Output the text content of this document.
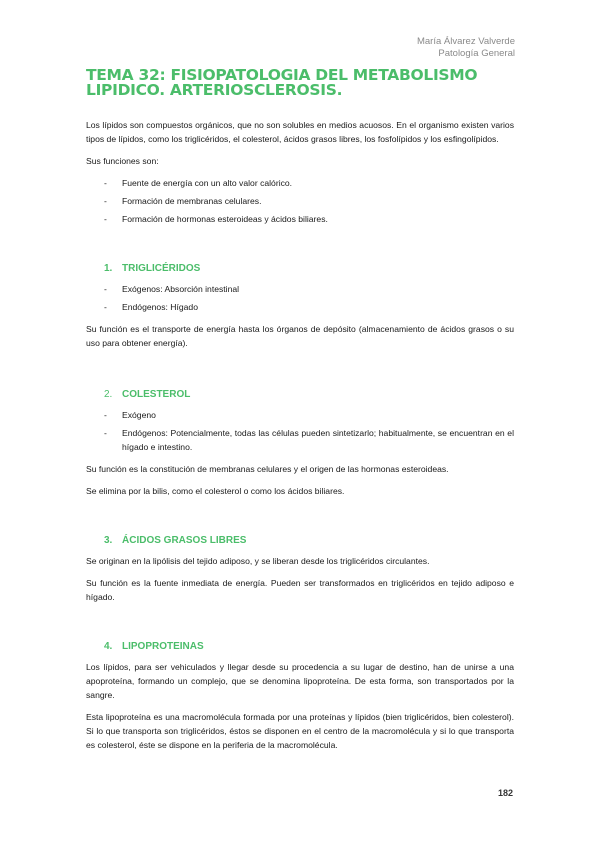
María Álvarez Valverde
Patología General
TEMA 32: FISIOPATOLOGIA DEL METABOLISMO LIPIDICO. ARTERIOSCLEROSIS.

Los lípidos son compuestos orgánicos, que no son solubles en medios acuosos. En el organismo existen varios tipos de lípidos, como los triglicéridos, el colesterol, ácidos grasos libres, los fosfolípidos y los esfingolípidos.

Sus funciones son:

- Fuente de energía con un alto valor calórico.
- Formación de membranas celulares.
- Formación de hormonas esteroideas y ácidos biliares.
1. TRIGLICÉRIDOS
- Exógenos: Absorción intestinal
- Endógenos: Hígado

Su función es el transporte de energía hasta los órganos de depósito (almacenamiento de ácidos grasos o su uso para obtener energía).

2. COLESTEROL
- Exógeno
- Endógenos: Potencialmente, todas las células pueden sintetizarlo; habitualmente, se encuentran en el hígado e intestino.

Su función es la constitución de membranas celulares y el origen de las hormonas esteroideas.

Se elimina por la bilis, como el colesterol o como los ácidos biliares.

3. ÁCIDOS GRASOS LIBRES

Se originan en la lipólisis del tejido adiposo, y se liberan desde los triglicéridos circulantes.

Su función es la fuente inmediata de energía. Pueden ser transformados en triglicéridos en tejido adiposo e hígado.

4. LIPOPROTEINAS

Los lípidos, para ser vehiculados y llegar desde su procedencia a su lugar de destino, han de unirse a una apoproteína, formando un complejo, que se denomina lipoproteína. De esta forma, son transportados por la sangre.

Esta lipoproteína es una macromolécula formada por una proteínas y lípidos (bien triglicéridos, bien colesterol). Si lo que transporta son triglicéridos, éstos se disponen en el centro de la macromolécula y si lo que transporta es colesterol, éste se dispone en la periferia de la macromolécula.

182
